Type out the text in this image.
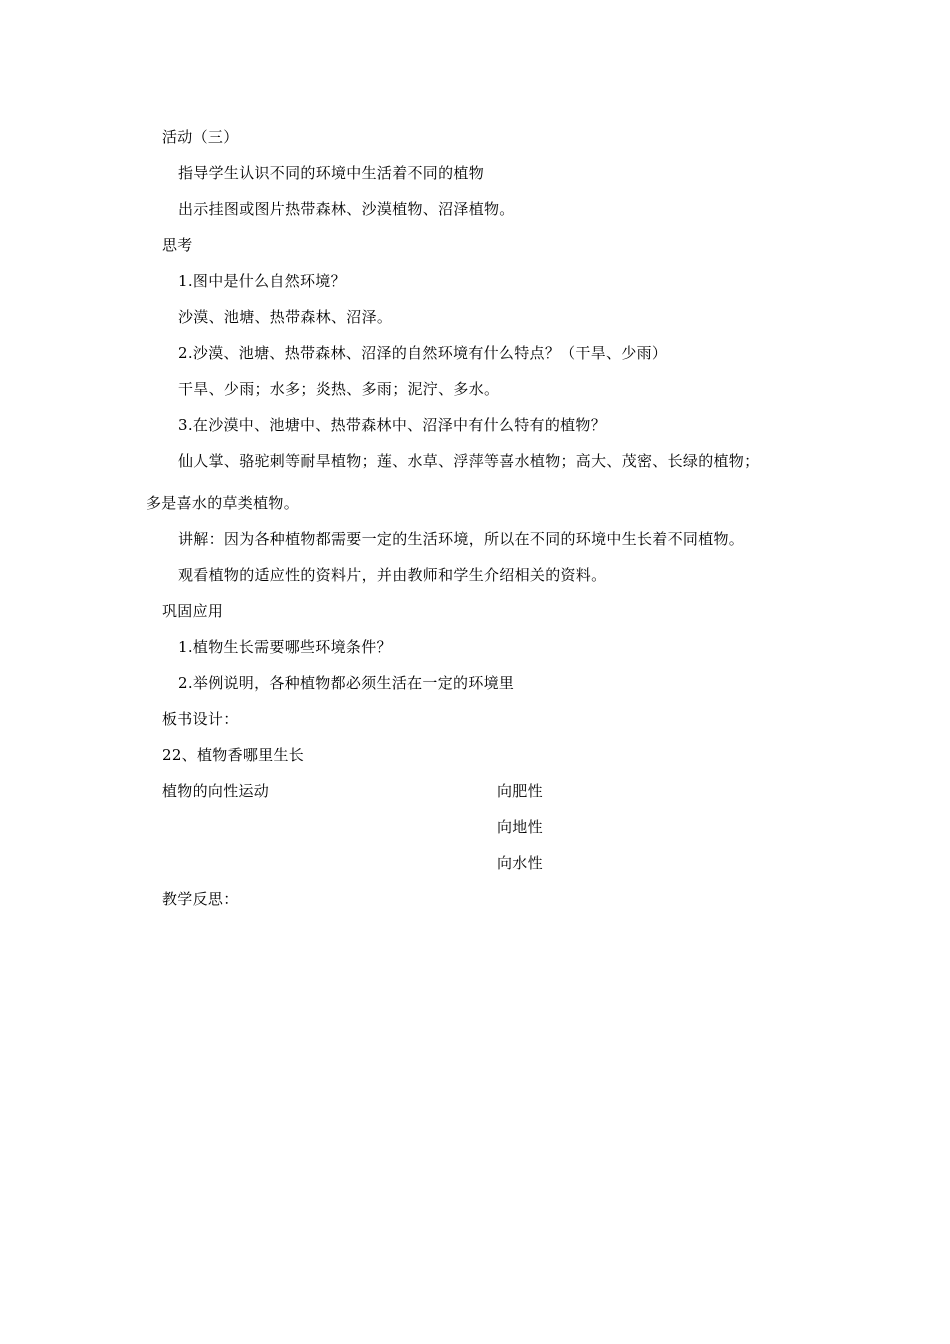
活动（三）
指导学生认识不同的环境中生活着不同的植物
出示挂图或图片热带森林、沙漠植物、沼泽植物。
思考
1.图中是什么自然环境？
沙漠、池塘、热带森林、沼泽。
2.沙漠、池塘、热带森林、沼泽的自然环境有什么特点？（干旱、少雨）
干旱、少雨；水多；炎热、多雨；泥泞、多水。
3.在沙漠中、池塘中、热带森林中、沼泽中有什么特有的植物？
仙人掌、骆驼刺等耐旱植物；莲、水草、浮萍等喜水植物；高大、茂密、长绿的植物；
多是喜水的草类植物。
讲解：因为各种植物都需要一定的生活环境，所以在不同的环境中生长着不同植物。
观看植物的适应性的资料片，并由教师和学生介绍相关的资料。
巩固应用
1.植物生长需要哪些环境条件？
2.举例说明，各种植物都必须生活在一定的环境里
板书设计：
22、植物香哪里生长
植物的向性运动	向肥性
向地性
向水性
教学反思：
